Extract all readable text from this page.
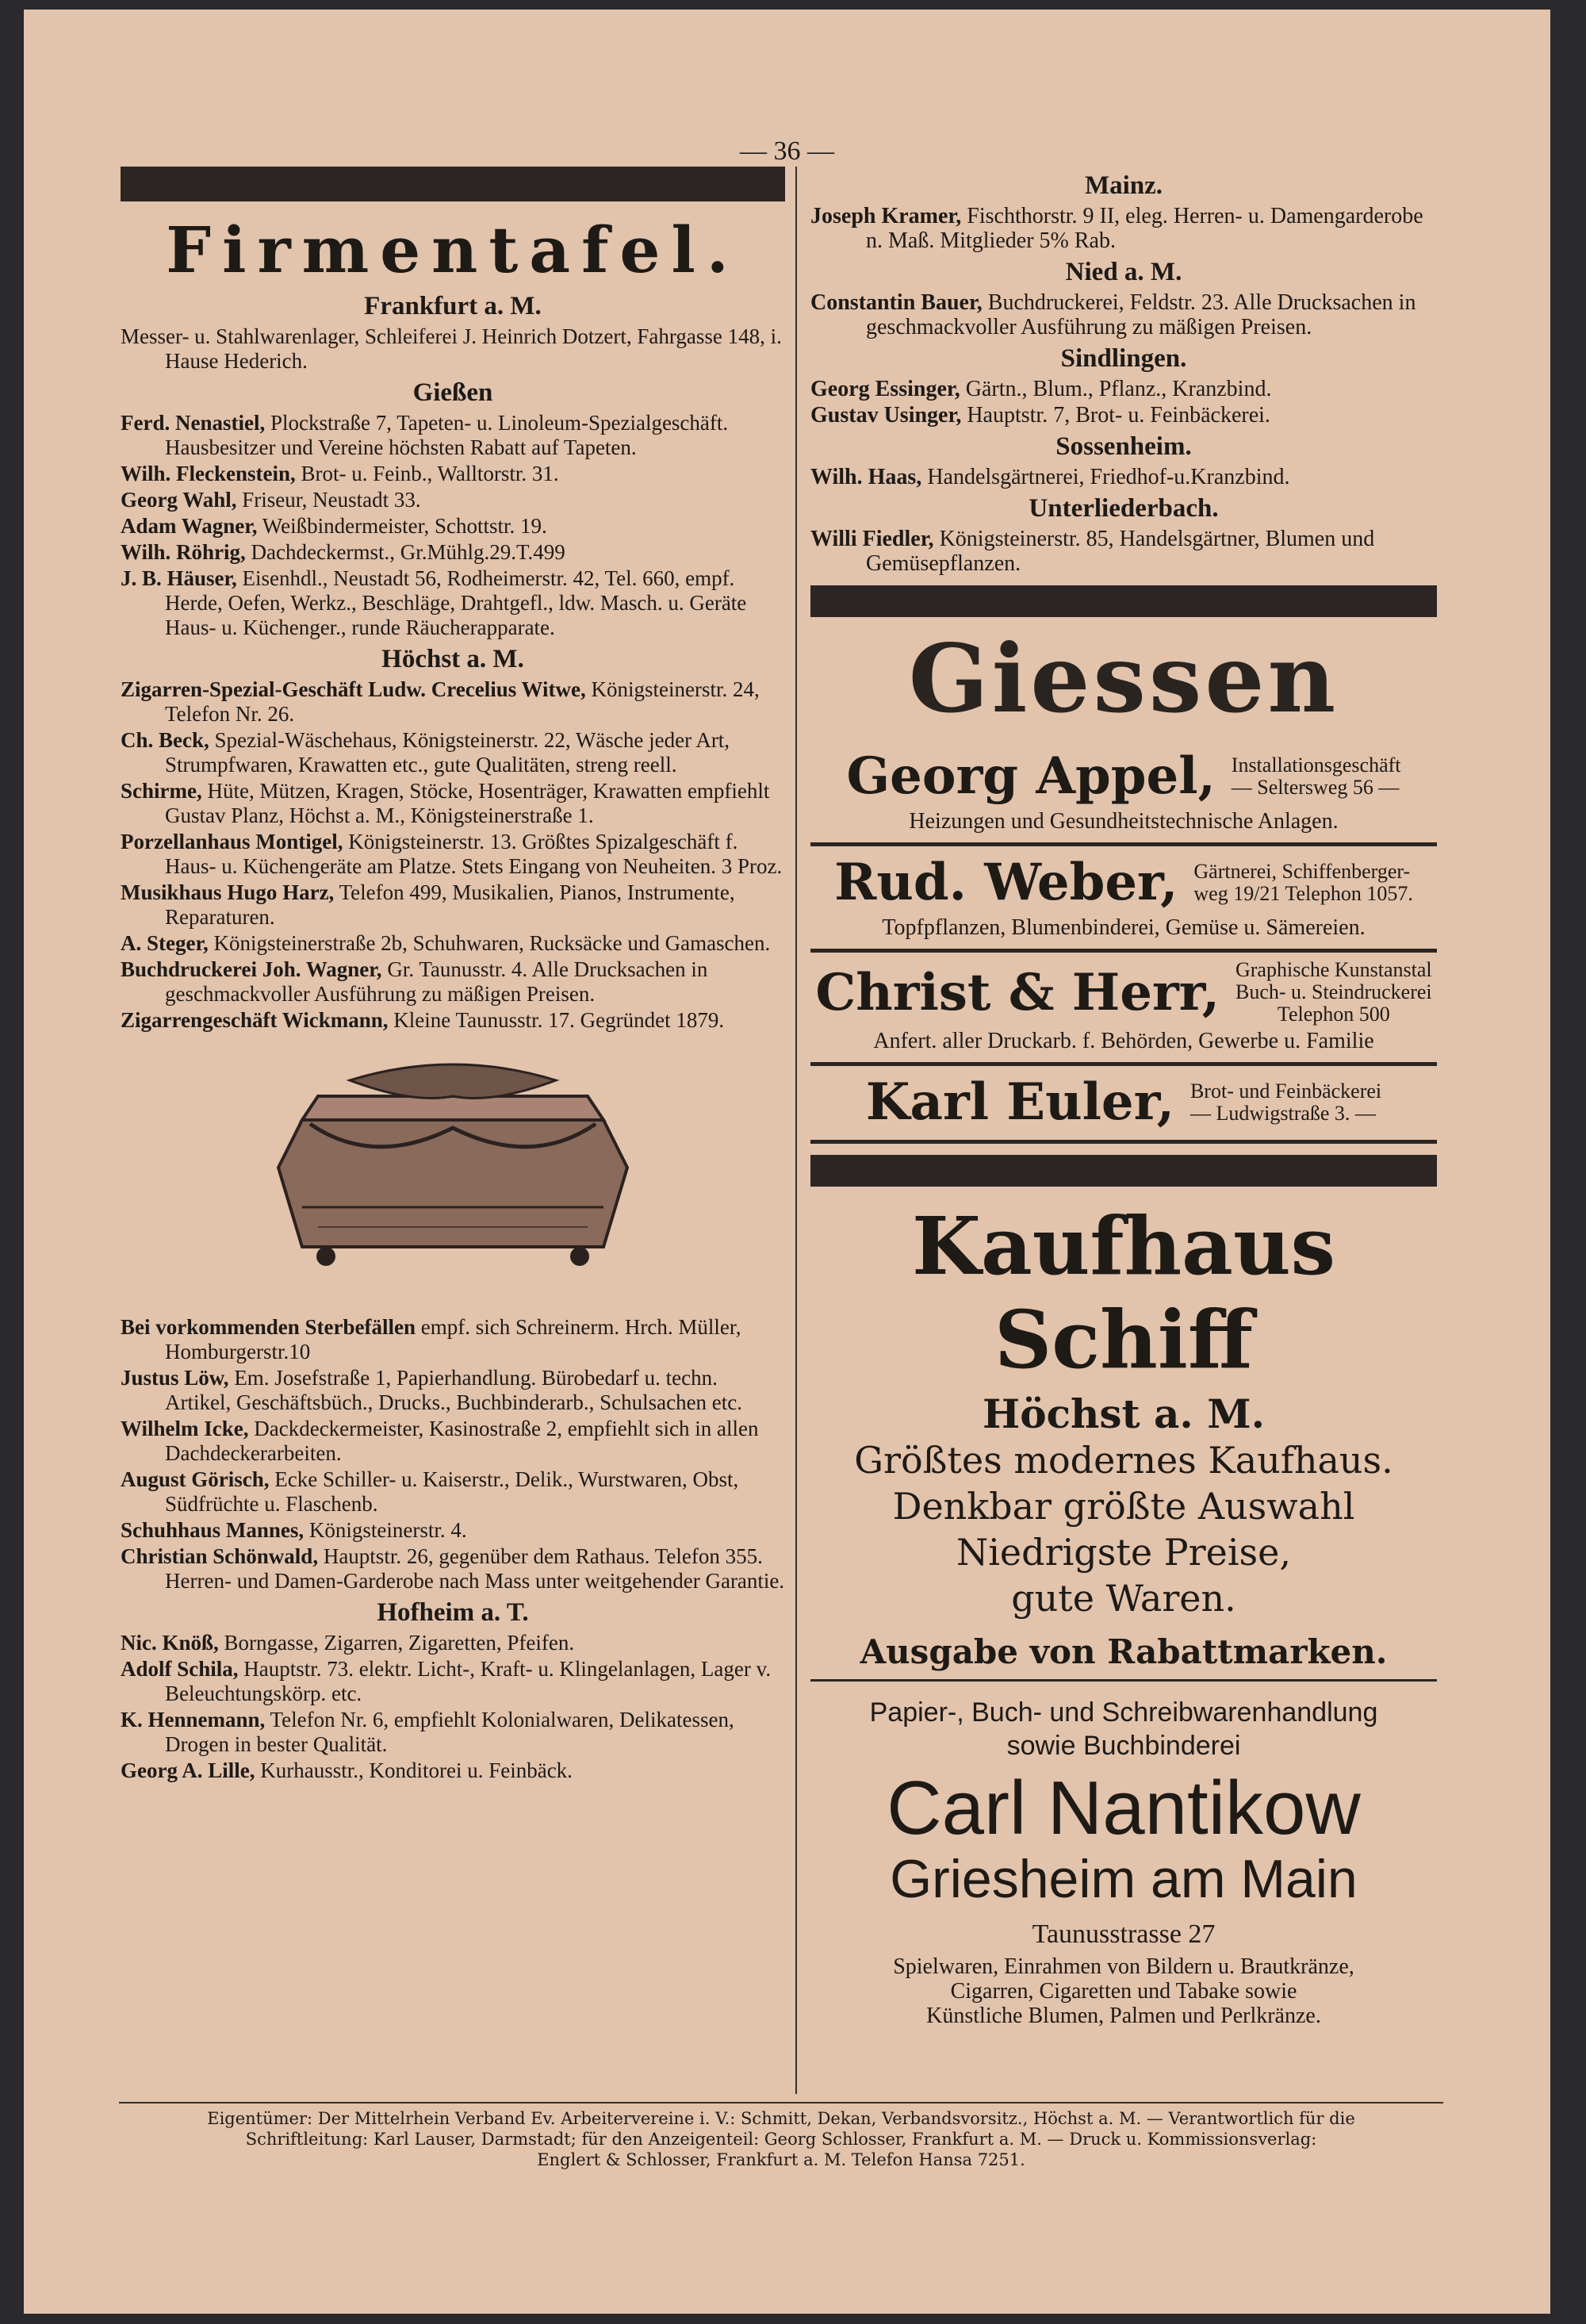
— 36 —
Firmentafel.
Frankfurt a. M.
Messer- u. Stahlwarenlager, Schleiferei J. Heinrich Dotzert, Fahrgasse 148, i. Hause Hederich.
Gießen
Ferd. Nenastiel, Plockstraße 7, Tapeten- u. Linoleum-Spezialgeschäft. Hausbesitzer und Vereine höchsten Rabatt auf Tapeten.
Wilh. Fleckenstein, Brot- u. Feinb., Walltorstr. 31.
Georg Wahl, Friseur, Neustadt 33.
Adam Wagner, Weißbindermeister, Schottstr. 19.
Wilh. Röhrig, Dachdeckermst., Gr.Mühlg.29.T.499
J. B. Häuser, Eisenhdl., Neustadt 56, Rodheimerstr. 42, Tel. 660, empf. Herde, Oefen, Werkz., Beschläge, Drahtgefl., ldw. Masch. u. Geräte Haus- u. Küchenger., runde Räucherapparate.
Höchst a. M.
Zigarren-Spezial-Geschäft Ludw. Crecelius Witwe, Königsteinerstr. 24, Telefon Nr. 26.
Ch. Beck, Spezial-Wäschehaus, Königsteinerstr. 22, Wäsche jeder Art, Strumpfwaren, Krawatten etc., gute Qualitäten, streng reell.
Schirme, Hüte, Mützen, Kragen, Stöcke, Hosenträger, Krawatten empfiehlt Gustav Planz, Höchst a. M., Königsteinerstraße 1.
Porzellanhaus Montigel, Königsteinerstr. 13. Größtes Spizalgeschäft f. Haus- u. Küchengeräte am Platze. Stets Eingang von Neuheiten. 3 Proz.
Musikhaus Hugo Harz, Telefon 499, Musikalien, Pianos, Instrumente, Reparaturen.
A. Steger, Königsteinerstraße 2b, Schuhwaren, Rucksäcke und Gamaschen.
Buchdruckerei Joh. Wagner, Gr. Taunusstr. 4. Alle Drucksachen in geschmackvoller Ausführung zu mäßigen Preisen.
Zigarrengeschäft Wickmann, Kleine Taunusstr. 17. Gegründet 1879.
Bei vorkommenden Sterbefällen empf. sich Schreinerm. Hrch. Müller, Homburgerstr.10
Justus Löw, Em. Josefstraße 1, Papierhandlung. Bürobedarf u. techn. Artikel, Geschäftsbüch., Drucks., Buchbinderarb., Schulsachen etc.
Wilhelm Icke, Dackdeckermeister, Kasinostraße 2, empfiehlt sich in allen Dachdeckerarbeiten.
August Görisch, Ecke Schiller- u. Kaiserstr., Delik., Wurstwaren, Obst, Südfrüchte u. Flaschenb.
Schuhhaus Mannes, Königsteinerstr. 4.
Christian Schönwald, Hauptstr. 26, gegenüber dem Rathaus. Telefon 355. Herren- und Damen-Garderobe nach Mass unter weitgehender Garantie.
Hofheim a. T.
Nic. Knöß, Borngasse, Zigarren, Zigaretten, Pfeifen.
Adolf Schila, Hauptstr. 73. elektr. Licht-, Kraft- u. Klingelanlagen, Lager v. Beleuchtungskörp. etc.
K. Hennemann, Telefon Nr. 6, empfiehlt Kolonialwaren, Delikatessen, Drogen in bester Qualität.
Georg A. Lille, Kurhausstr., Konditorei u. Feinbäck.
Mainz.
Joseph Kramer, Fischthorstr. 9 II, eleg. Herren- u. Damengarderobe n. Maß. Mitglieder 5% Rab.
Nied a. M.
Constantin Bauer, Buchdruckerei, Feldstr. 23. Alle Drucksachen in geschmackvoller Ausführung zu mäßigen Preisen.
Sindlingen.
Georg Essinger, Gärtn., Blum., Pflanz., Kranzbind.
Gustav Usinger, Hauptstr. 7, Brot- u. Feinbäckerei.
Sossenheim.
Wilh. Haas, Handelsgärtnerei, Friedhof-u.Kranzbind.
Unterliederbach.
Willi Fiedler, Königsteinerstr. 85, Handelsgärtner, Blumen und Gemüsepflanzen.
Giessen
Georg Appel, Installationsgeschäft
— Seltersweg 56 —
Heizungen und Gesundheitstechnische Anlagen.
Rud. Weber, Gärtnerei, Schiffenberger-
weg 19/21 Telephon 1057.
Topfpflanzen, Blumenbinderei, Gemüse u. Sämereien.
Christ & Herr, Graphische Kunstanstal
Buch- u. Steindruckerei
Telephon 500
Anfert. aller Druckarb. f. Behörden, Gewerbe u. Familie
Karl Euler, Brot- und Feinbäckerei
— Ludwigstraße 3. —
Kaufhaus Schiff
Höchst a. M.
Größtes modernes Kaufhaus.
Denkbar größte Auswahl
Niedrigste Preise,
gute Waren.
Ausgabe von Rabattmarken.
Papier-, Buch- und Schreibwarenhandlung
sowie Buchbinderei
Carl Nantikow
Griesheim am Main
Taunusstrasse 27
Spielwaren, Einrahmen von Bildern u. Brautkränze,
Cigarren, Cigaretten und Tabake sowie
Künstliche Blumen, Palmen und Perlkränze.
Eigentümer: Der Mittelrhein Verband Ev. Arbeitervereine i. V.: Schmitt, Dekan, Verbandsvorsitz., Höchst a. M. — Verantwortlich für die
Schriftleitung: Karl Lauser, Darmstadt; für den Anzeigenteil: Georg Schlosser, Frankfurt a. M. — Druck u. Kommissionsverlag:
Englert & Schlosser, Frankfurt a. M. Telefon Hansa 7251.
